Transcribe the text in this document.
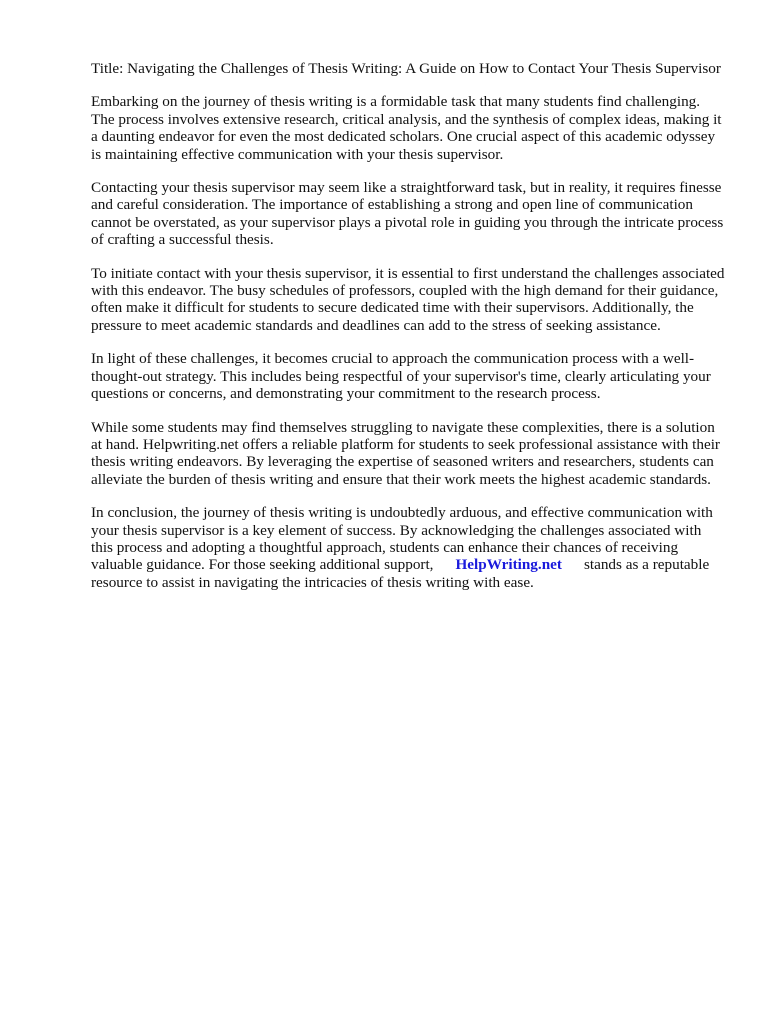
Title: Navigating the Challenges of Thesis Writing: A Guide on How to Contact Your Thesis Supervisor

Embarking on the journey of thesis writing is a formidable task that many students find challenging. The process involves extensive research, critical analysis, and the synthesis of complex ideas, making it a daunting endeavor for even the most dedicated scholars. One crucial aspect of this academic odyssey is maintaining effective communication with your thesis supervisor.

Contacting your thesis supervisor may seem like a straightforward task, but in reality, it requires finesse and careful consideration. The importance of establishing a strong and open line of communication cannot be overstated, as your supervisor plays a pivotal role in guiding you through the intricate process of crafting a successful thesis.

To initiate contact with your thesis supervisor, it is essential to first understand the challenges associated with this endeavor. The busy schedules of professors, coupled with the high demand for their guidance, often make it difficult for students to secure dedicated time with their supervisors. Additionally, the pressure to meet academic standards and deadlines can add to the stress of seeking assistance.

In light of these challenges, it becomes crucial to approach the communication process with a well-thought-out strategy. This includes being respectful of your supervisor's time, clearly articulating your questions or concerns, and demonstrating your commitment to the research process.

While some students may find themselves struggling to navigate these complexities, there is a solution at hand. Helpwriting.net offers a reliable platform for students to seek professional assistance with their thesis writing endeavors. By leveraging the expertise of seasoned writers and researchers, students can alleviate the burden of thesis writing and ensure that their work meets the highest academic standards.

In conclusion, the journey of thesis writing is undoubtedly arduous, and effective communication with your thesis supervisor is a key element of success. By acknowledging the challenges associated with this process and adopting a thoughtful approach, students can enhance their chances of receiving valuable guidance. For those seeking additional support, HelpWriting.net stands as a reputable resource to assist in navigating the intricacies of thesis writing with ease.
